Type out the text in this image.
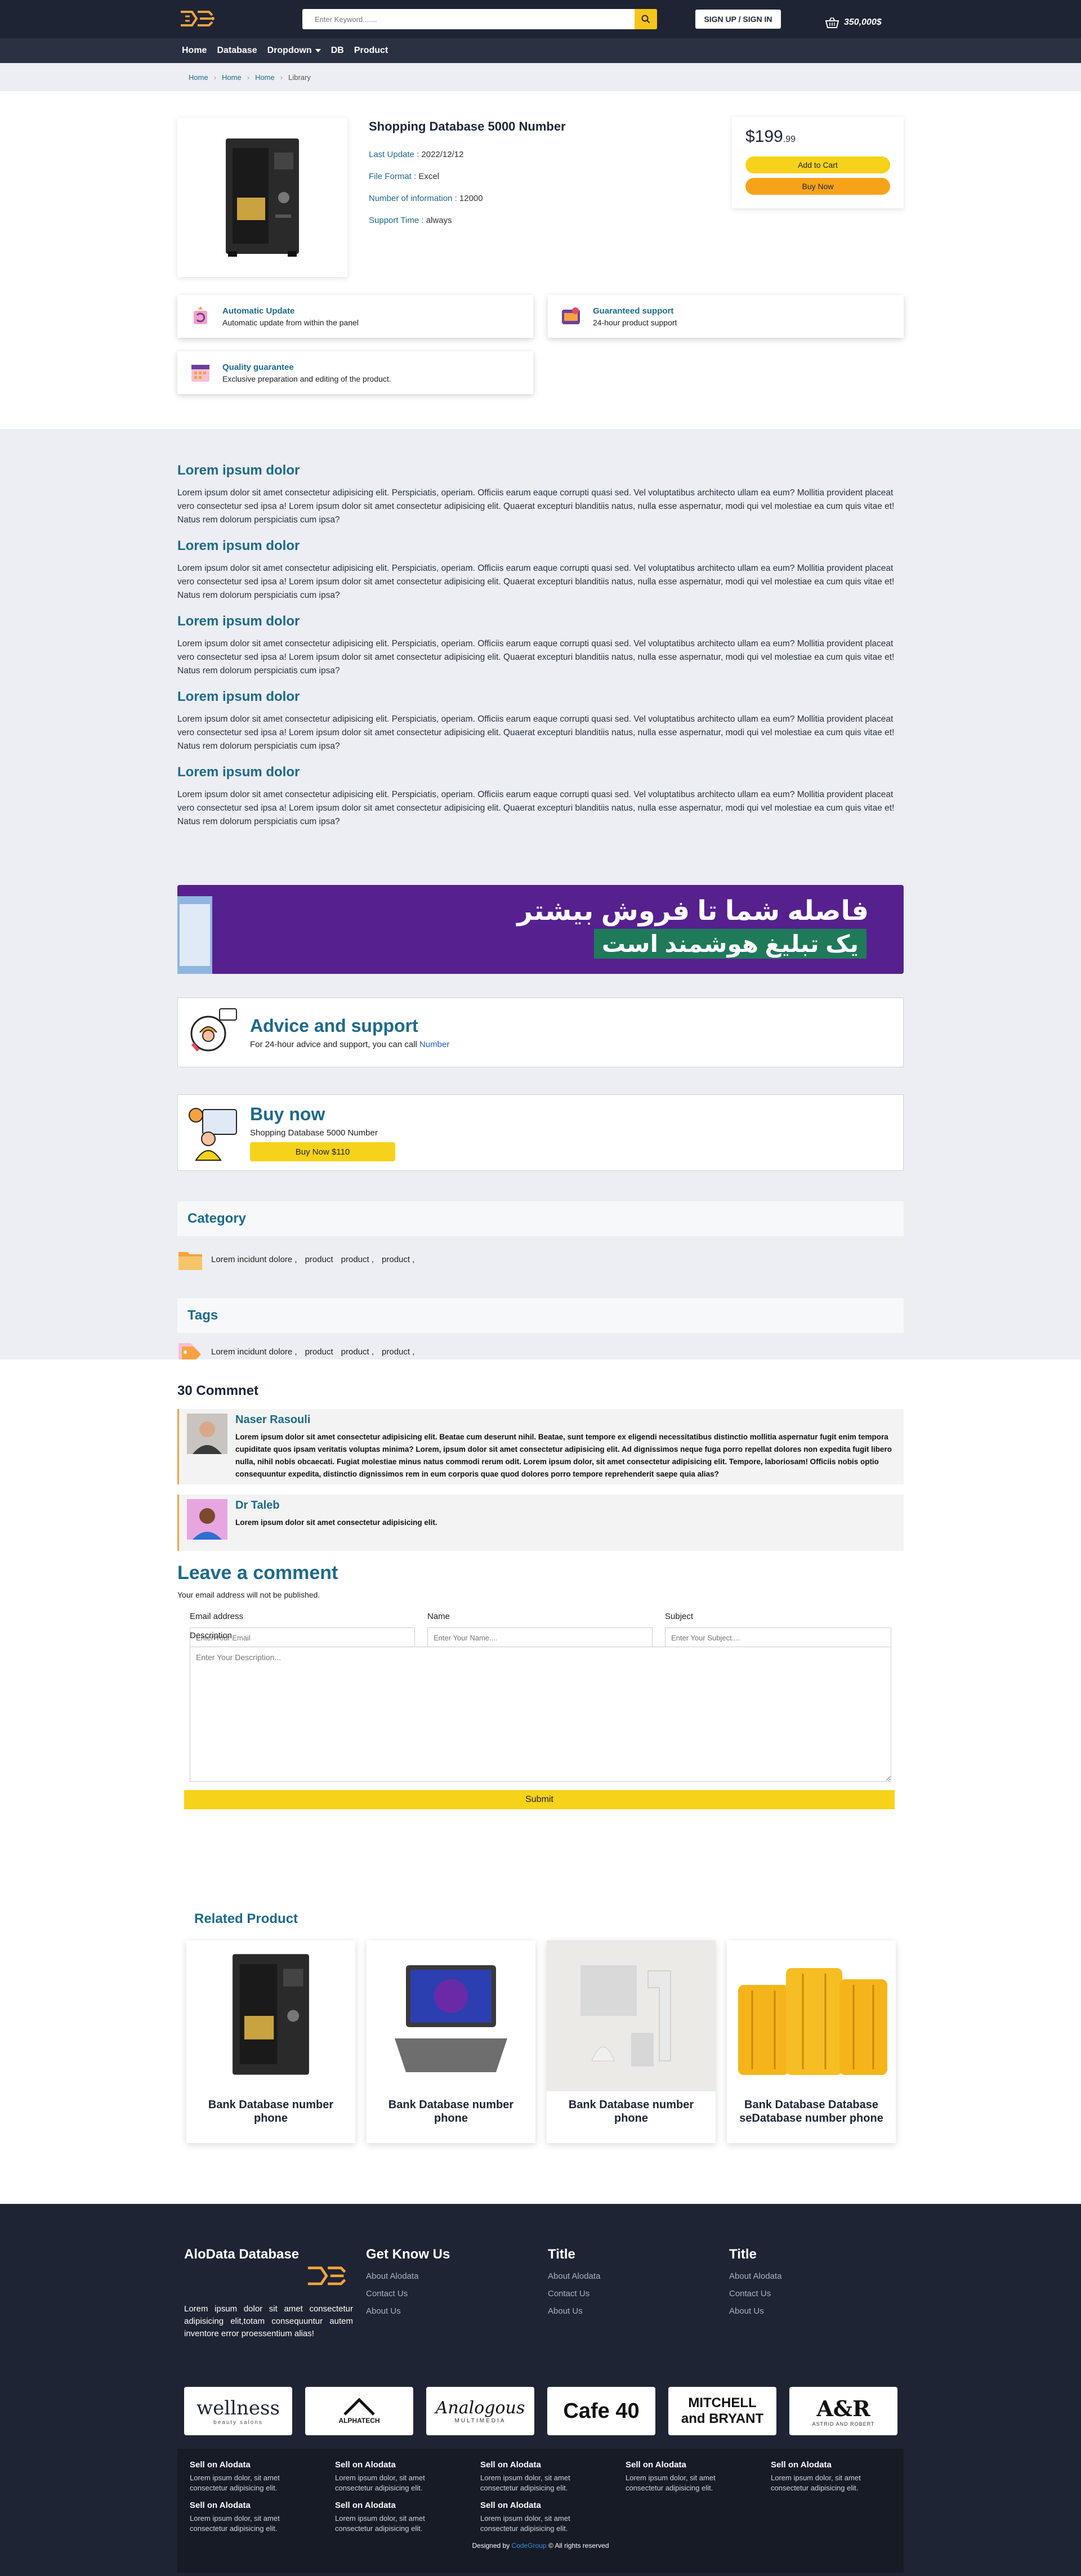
Enter Keyword.......
SIGN UP / SIGN IN	350,000$
Home Database Dropdown DB Product
Home › Home › Home › Library
Shopping Database 5000 Number
Last Update : 2022/12/12
File Format : Excel
Number of information : 12000
Support Time : always
$199.99
Add to Cart
Buy Now
Automatic Update
Automatic update from within the panel
Guaranteed support
24-hour product support
Quality guarantee
Exclusive preparation and editing of the product.
Lorem ipsum dolor
Lorem ipsum dolor sit amet consectetur adipisicing elit. Perspiciatis, operiam. Officiis earum eaque corrupti quasi sed. Vel voluptatibus architecto ullam ea eum? Mollitia provident placeat vero consectetur sed ipsa a! Lorem ipsum dolor sit amet consectetur adipisicing elit. Quaerat excepturi blanditiis natus, nulla esse aspernatur, modi qui vel molestiae ea cum quis vitae et! Natus rem dolorum perspiciatis cum ipsa?
Lorem ipsum dolor
Lorem ipsum dolor sit amet consectetur adipisicing elit. Perspiciatis, operiam. Officiis earum eaque corrupti quasi sed. Vel voluptatibus architecto ullam ea eum? Mollitia provident placeat vero consectetur sed ipsa a! Lorem ipsum dolor sit amet consectetur adipisicing elit. Quaerat excepturi blanditiis natus, nulla esse aspernatur, modi qui vel molestiae ea cum quis vitae et! Natus rem dolorum perspiciatis cum ipsa?
Lorem ipsum dolor
Lorem ipsum dolor sit amet consectetur adipisicing elit. Perspiciatis, operiam. Officiis earum eaque corrupti quasi sed. Vel voluptatibus architecto ullam ea eum? Mollitia provident placeat vero consectetur sed ipsa a! Lorem ipsum dolor sit amet consectetur adipisicing elit. Quaerat excepturi blanditiis natus, nulla esse aspernatur, modi qui vel molestiae ea cum quis vitae et! Natus rem dolorum perspiciatis cum ipsa?
Lorem ipsum dolor
Lorem ipsum dolor sit amet consectetur adipisicing elit. Perspiciatis, operiam. Officiis earum eaque corrupti quasi sed. Vel voluptatibus architecto ullam ea eum? Mollitia provident placeat vero consectetur sed ipsa a! Lorem ipsum dolor sit amet consectetur adipisicing elit. Quaerat excepturi blanditiis natus, nulla esse aspernatur, modi qui vel molestiae ea cum quis vitae et! Natus rem dolorum perspiciatis cum ipsa?
Lorem ipsum dolor
Lorem ipsum dolor sit amet consectetur adipisicing elit. Perspiciatis, operiam. Officiis earum eaque corrupti quasi sed. Vel voluptatibus architecto ullam ea eum? Mollitia provident placeat vero consectetur sed ipsa a! Lorem ipsum dolor sit amet consectetur adipisicing elit. Quaerat excepturi blanditiis natus, nulla esse aspernatur, modi qui vel molestiae ea cum quis vitae et! Natus rem dolorum perspiciatis cum ipsa?
فاصله شما تا فروش بیشتر
یک تبلیغ هوشمند است
Advice and support
For 24-hour advice and support, you can call Number
Buy now
Shopping Database 5000 Number
Buy Now $110
Category
Lorem incidunt dolore , product product , product ,
Tags
Lorem incidunt dolore , product product , product ,
30 Commnet
Naser Rasouli
Lorem ipsum dolor sit amet consectetur adipisicing elit. Beatae cum deserunt nihil. Beatae, sunt tempore ex eligendi necessitatibus distinctio mollitia aspernatur fugit enim tempora cupiditate quos ipsam veritatis voluptas minima? Lorem, ipsum dolor sit amet consectetur adipisicing elit. Ad dignissimos neque fuga porro repellat dolores non expedita fugit libero nulla, nihil nobis obcaecati. Fugiat molestiae minus natus commodi rerum odit. Lorem ipsum dolor, sit amet consectetur adipisicing elit. Tempore, laboriosam! Officiis nobis optio consequuntur expedita, distinctio dignissimos rem in eum corporis quae quod dolores porro tempore reprehenderit saepe quia alias?
Dr Taleb
Lorem ipsum dolor sit amet consectetur adipisicing elit.
Leave a comment
Your email address will not be published.
Email address
Enter Your Email	Name
Enter Your Name....	Subject
Enter Your Subject....
Description
Enter Your Description...
Submit
Related Product
Bank Database number phone
Bank Database number phone
Bank Database number phone
Bank Database Database seDatabase number phone
AloData Database
Lorem ipsum dolor sit amet consectetur adipisicing elit,totam consequuntur autem inventore error proessentium alias!
Get Know Us
About Alodata
Contact Us
About Us
Title
About Alodata
Contact Us
About Us
Title
About Alodata
Contact Us
About Us
wellness
beauty salons	ALPHATECH
Analogous
MULTIMEDIA	Cafe 40	MITCHELL and BRYANT	A&R
ASTRID AND ROBERT
Sell on Alodata
Lorem ipsum dolor, sit amet consectetur adipisicing elit.
Sell on Alodata
Lorem ipsum dolor, sit amet consectetur adipisicing elit.
Sell on Alodata
Lorem ipsum dolor, sit amet consectetur adipisicing elit.
Sell on Alodata
Lorem ipsum dolor, sit amet consectetur adipisicing elit.
Sell on Alodata
Lorem ipsum dolor, sit amet consectetur adipisicing elit.
Sell on Alodata
Lorem ipsum dolor, sit amet consectetur adipisicing elit.
Sell on Alodata
Lorem ipsum dolor, sit amet consectetur adipisicing elit.
Sell on Alodata
Lorem ipsum dolor, sit amet consectetur adipisicing elit.
Designed by CodeGroup © All rights reserved
